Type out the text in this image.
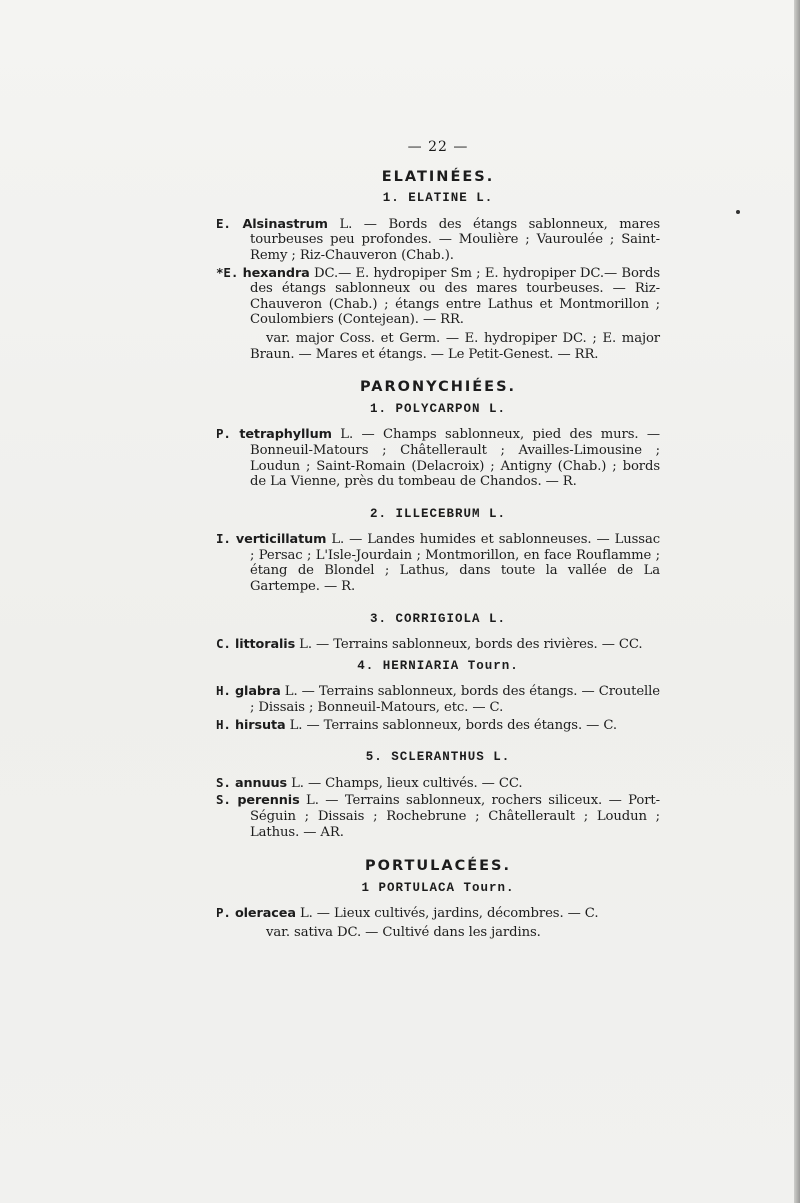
— 22 —
ELATINÉES.
1. ELATINE L.

E. Alsinastrum L. — Bords des étangs sablonneux, mares tourbeuses peu profondes. — Moulière ; Vauroulée ; Saint-Remy ; Riz-Chauveron (Chab.).

*E. hexandra DC.— E. hydropiper Sm ; E. hydropiper DC.— Bords des étangs sablonneux ou des mares tourbeuses. — Riz-Chauveron (Chab.) ; étangs entre Lathus et Montmorillon ; Coulombiers (Contejean). — RR.

var. major Coss. et Germ. — E. hydropiper DC. ; E. major Braun. — Mares et étangs. — Le Petit-Genest. — RR.

PARONYCHIÉES.
1. POLYCARPON L.

P. tetraphyllum L. — Champs sablonneux, pied des murs. — Bonneuil-Matours ; Châtellerault ; Availles-Limousine ; Loudun ; Saint-Romain (Delacroix) ; Antigny (Chab.) ; bords de La Vienne, près du tombeau de Chandos. — R.

2. ILLECEBRUM L.

I. verticillatum L. — Landes humides et sablonneuses. — Lussac ; Persac ; L'Isle-Jourdain ; Montmorillon, en face Rouflamme ; étang de Blondel ; Lathus, dans toute la vallée de La Gartempe. — R.

3. CORRIGIOLA L.

C. littoralis L. — Terrains sablonneux, bords des rivières. — CC.

4. HERNIARIA Tourn.

H. glabra L. — Terrains sablonneux, bords des étangs. — Croutelle ; Dissais ; Bonneuil-Matours, etc. — C.

H. hirsuta L. — Terrains sablonneux, bords des étangs. — C.

5. SCLERANTHUS L.

S. annuus L. — Champs, lieux cultivés. — CC.

S. perennis L. — Terrains sablonneux, rochers siliceux. — Port-Séguin ; Dissais ; Rochebrune ; Châtellerault ; Loudun ; Lathus. — AR.

PORTULACÉES.
1 PORTULACA Tourn.

P. oleracea L. — Lieux cultivés, jardins, décombres. — C.

var. sativa DC. — Cultivé dans les jardins.
